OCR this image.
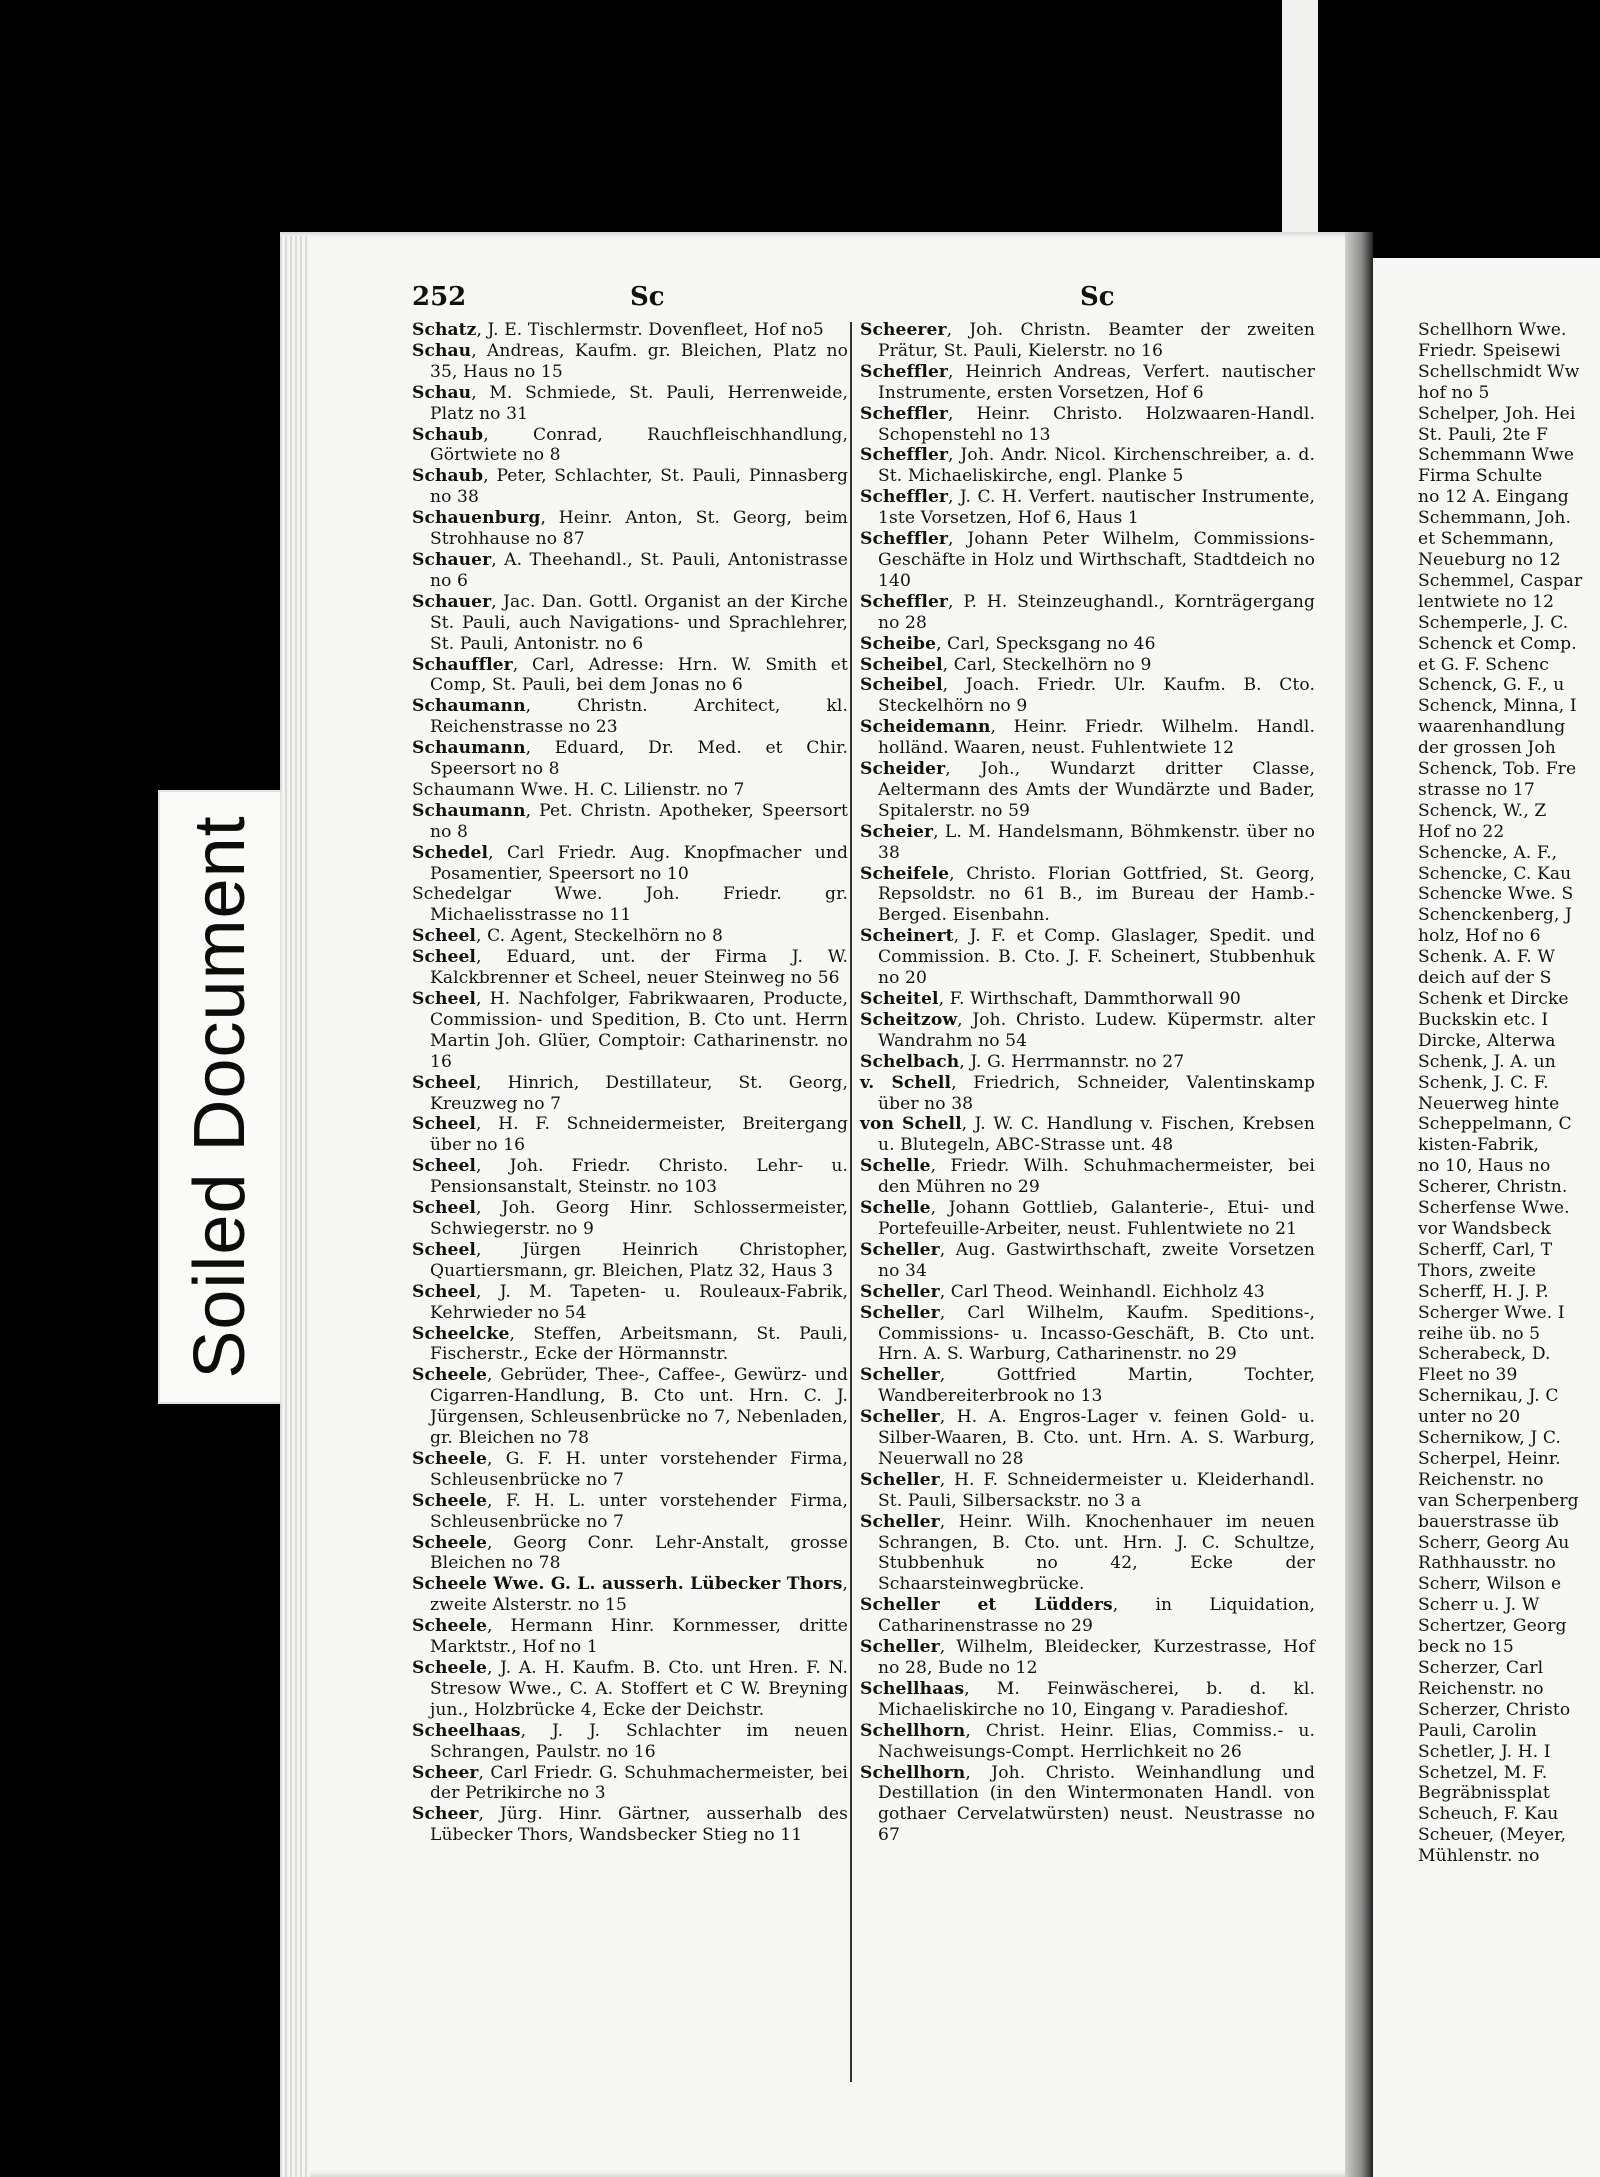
Soiled Document
252	Sc	Sc

Schatz, J. E. Tischlermstr. Dovenfleet, Hof no5

Schau, Andreas, Kaufm. gr. Bleichen, Platz no 35, Haus no 15

Schau, M. Schmiede, St. Pauli, Herrenweide, Platz no 31

Schaub, Conrad, Rauchfleischhandlung, Görtwiete no 8

Schaub, Peter, Schlachter, St. Pauli, Pinnasberg no 38

Schauenburg, Heinr. Anton, St. Georg, beim Strohhause no 87

Schauer, A. Theehandl., St. Pauli, Antonistrasse no 6

Schauer, Jac. Dan. Gottl. Organist an der Kirche St. Pauli, auch Navigations- und Sprachlehrer, St. Pauli, Antonistr. no 6

Schauffler, Carl, Adresse: Hrn. W. Smith et Comp, St. Pauli, bei dem Jonas no 6

Schaumann, Christn. Architect, kl. Reichenstrasse no 23

Schaumann, Eduard, Dr. Med. et Chir. Speersort no 8

Schaumann Wwe. H. C. Lilienstr. no 7

Schaumann, Pet. Christn. Apotheker, Speersort no 8

Schedel, Carl Friedr. Aug. Knopfmacher und Posamentier, Speersort no 10

Schedelgar Wwe. Joh. Friedr. gr. Michaelisstrasse no 11

Scheel, C. Agent, Steckelhörn no 8

Scheel, Eduard, unt. der Firma J. W. Kalckbrenner et Scheel, neuer Steinweg no 56

Scheel, H. Nachfolger, Fabrikwaaren, Producte, Commission- und Spedition, B. Cto unt. Herrn Martin Joh. Glüer, Comptoir: Catharinenstr. no 16

Scheel, Hinrich, Destillateur, St. Georg, Kreuzweg no 7

Scheel, H. F. Schneidermeister, Breitergang über no 16

Scheel, Joh. Friedr. Christo. Lehr- u. Pensionsanstalt, Steinstr. no 103

Scheel, Joh. Georg Hinr. Schlossermeister, Schwiegerstr. no 9

Scheel, Jürgen Heinrich Christopher, Quartiersmann, gr. Bleichen, Platz 32, Haus 3

Scheel, J. M. Tapeten- u. Rouleaux-Fabrik, Kehrwieder no 54

Scheelcke, Steffen, Arbeitsmann, St. Pauli, Fischerstr., Ecke der Hörmannstr.

Scheele, Gebrüder, Thee-, Caffee-, Gewürz- und Cigarren-Handlung, B. Cto unt. Hrn. C. J. Jürgensen, Schleusenbrücke no 7, Nebenladen, gr. Bleichen no 78

Scheele, G. F. H. unter vorstehender Firma, Schleusenbrücke no 7

Scheele, F. H. L. unter vorstehender Firma, Schleusenbrücke no 7

Scheele, Georg Conr. Lehr-Anstalt, grosse Bleichen no 78

Scheele Wwe. G. L. ausserh. Lübecker Thors, zweite Alsterstr. no 15

Scheele, Hermann Hinr. Kornmesser, dritte Marktstr., Hof no 1

Scheele, J. A. H. Kaufm. B. Cto. unt Hren. F. N. Stresow Wwe., C. A. Stoffert et C W. Breyning jun., Holzbrücke 4, Ecke der Deichstr.

Scheelhaas, J. J. Schlachter im neuen Schrangen, Paulstr. no 16

Scheer, Carl Friedr. G. Schuhmachermeister, bei der Petrikirche no 3

Scheer, Jürg. Hinr. Gärtner, ausserhalb des Lübecker Thors, Wandsbecker Stieg no 11

Scheerer, Joh. Christn. Beamter der zweiten Prätur, St. Pauli, Kielerstr. no 16

Scheffler, Heinrich Andreas, Verfert. nautischer Instrumente, ersten Vorsetzen, Hof 6

Scheffler, Heinr. Christo. Holzwaaren-Handl. Schopenstehl no 13

Scheffler, Joh. Andr. Nicol. Kirchenschreiber, a. d. St. Michaeliskirche, engl. Planke 5

Scheffler, J. C. H. Verfert. nautischer Instrumente, 1ste Vorsetzen, Hof 6, Haus 1

Scheffler, Johann Peter Wilhelm, Commissions-Geschäfte in Holz und Wirthschaft, Stadtdeich no 140

Scheffler, P. H. Steinzeughandl., Kornträgergang no 28

Scheibe, Carl, Specksgang no 46

Scheibel, Carl, Steckelhörn no 9

Scheibel, Joach. Friedr. Ulr. Kaufm. B. Cto. Steckelhörn no 9

Scheidemann, Heinr. Friedr. Wilhelm. Handl. holländ. Waaren, neust. Fuhlentwiete 12

Scheider, Joh., Wundarzt dritter Classe, Aeltermann des Amts der Wundärzte und Bader, Spitalerstr. no 59

Scheier, L. M. Handelsmann, Böhmkenstr. über no 38

Scheifele, Christo. Florian Gottfried, St. Georg, Repsoldstr. no 61 B., im Bureau der Hamb.-Berged. Eisenbahn.

Scheinert, J. F. et Comp. Glaslager, Spedit. und Commission. B. Cto. J. F. Scheinert, Stubbenhuk no 20

Scheitel, F. Wirthschaft, Dammthorwall 90

Scheitzow, Joh. Christo. Ludew. Küpermstr. alter Wandrahm no 54

Schelbach, J. G. Herrmannstr. no 27

v. Schell, Friedrich, Schneider, Valentinskamp über no 38

von Schell, J. W. C. Handlung v. Fischen, Krebsen u. Blutegeln, ABC-Strasse unt. 48

Schelle, Friedr. Wilh. Schuhmachermeister, bei den Mühren no 29

Schelle, Johann Gottlieb, Galanterie-, Etui- und Portefeuille-Arbeiter, neust. Fuhlentwiete no 21

Scheller, Aug. Gastwirthschaft, zweite Vorsetzen no 34

Scheller, Carl Theod. Weinhandl. Eichholz 43

Scheller, Carl Wilhelm, Kaufm. Speditions-, Commissions- u. Incasso-Geschäft, B. Cto unt. Hrn. A. S. Warburg, Catharinenstr. no 29

Scheller, Gottfried Martin, Tochter, Wandbereiterbrook no 13

Scheller, H. A. Engros-Lager v. feinen Gold- u. Silber-Waaren, B. Cto. unt. Hrn. A. S. Warburg, Neuerwall no 28

Scheller, H. F. Schneidermeister u. Kleiderhandl. St. Pauli, Silbersackstr. no 3 a

Scheller, Heinr. Wilh. Knochenhauer im neuen Schrangen, B. Cto. unt. Hrn. J. C. Schultze, Stubbenhuk no 42, Ecke der Schaarsteinwegbrücke.

Scheller et Lüdders, in Liquidation, Catharinenstrasse no 29

Scheller, Wilhelm, Bleidecker, Kurzestrasse, Hof no 28, Bude no 12

Schellhaas, M. Feinwäscherei, b. d. kl. Michaeliskirche no 10, Eingang v. Paradieshof.

Schellhorn, Christ. Heinr. Elias, Commiss.- u. Nachweisungs-Compt. Herrlichkeit no 26

Schellhorn, Joh. Christo. Weinhandlung und Destillation (in den Wintermonaten Handl. von gothaer Cervelatwürsten) neust. Neustrasse no 67

Schellhorn Wwe.

Friedr. Speisewi

Schellschmidt Ww

hof no 5

Schelper, Joh. Hei

St. Pauli, 2te F

Schemmann Wwe

Firma Schulte

no 12 A. Eingang

Schemmann, Joh.

et Schemmann,

Neueburg no 12

Schemmel, Caspar

lentwiete no 12

Schemperle, J. C.

Schenck et Comp.

et G. F. Schenc

Schenck, G. F., u

Schenck, Minna, I

waarenhandlung

der grossen Joh

Schenck, Tob. Fre

strasse no 17

Schenck, W., Z

Hof no 22

Schencke, A. F.,

Schencke, C. Kau

Schencke Wwe. S

Schenckenberg, J

holz, Hof no 6

Schenk. A. F. W

deich auf der S

Schenk et Dircke

Buckskin etc. I

Dircke, Alterwa

Schenk, J. A. un

Schenk, J. C. F.

Neuerweg hinte

Scheppelmann, C

kisten-Fabrik,

no 10, Haus no

Scherer, Christn.

Scherfense Wwe.

vor Wandsbeck

Scherff, Carl, T

Thors, zweite

Scherff, H. J. P.

Scherger Wwe. I

reihe üb. no 5

Scherabeck, D.

Fleet no 39

Schernikau, J. C

unter no 20

Schernikow, J C.

Scherpel, Heinr.

Reichenstr. no

van Scherpenberg

bauerstrasse üb

Scherr, Georg Au

Rathhausstr. no

Scherr, Wilson e

Scherr u. J. W

Schertzer, Georg

beck no 15

Scherzer, Carl

Reichenstr. no

Scherzer, Christo

Pauli, Carolin

Schetler, J. H. I

Schetzel, M. F.

Begräbnissplat

Scheuch, F. Kau

Scheuer, (Meyer,

Mühlenstr. no
